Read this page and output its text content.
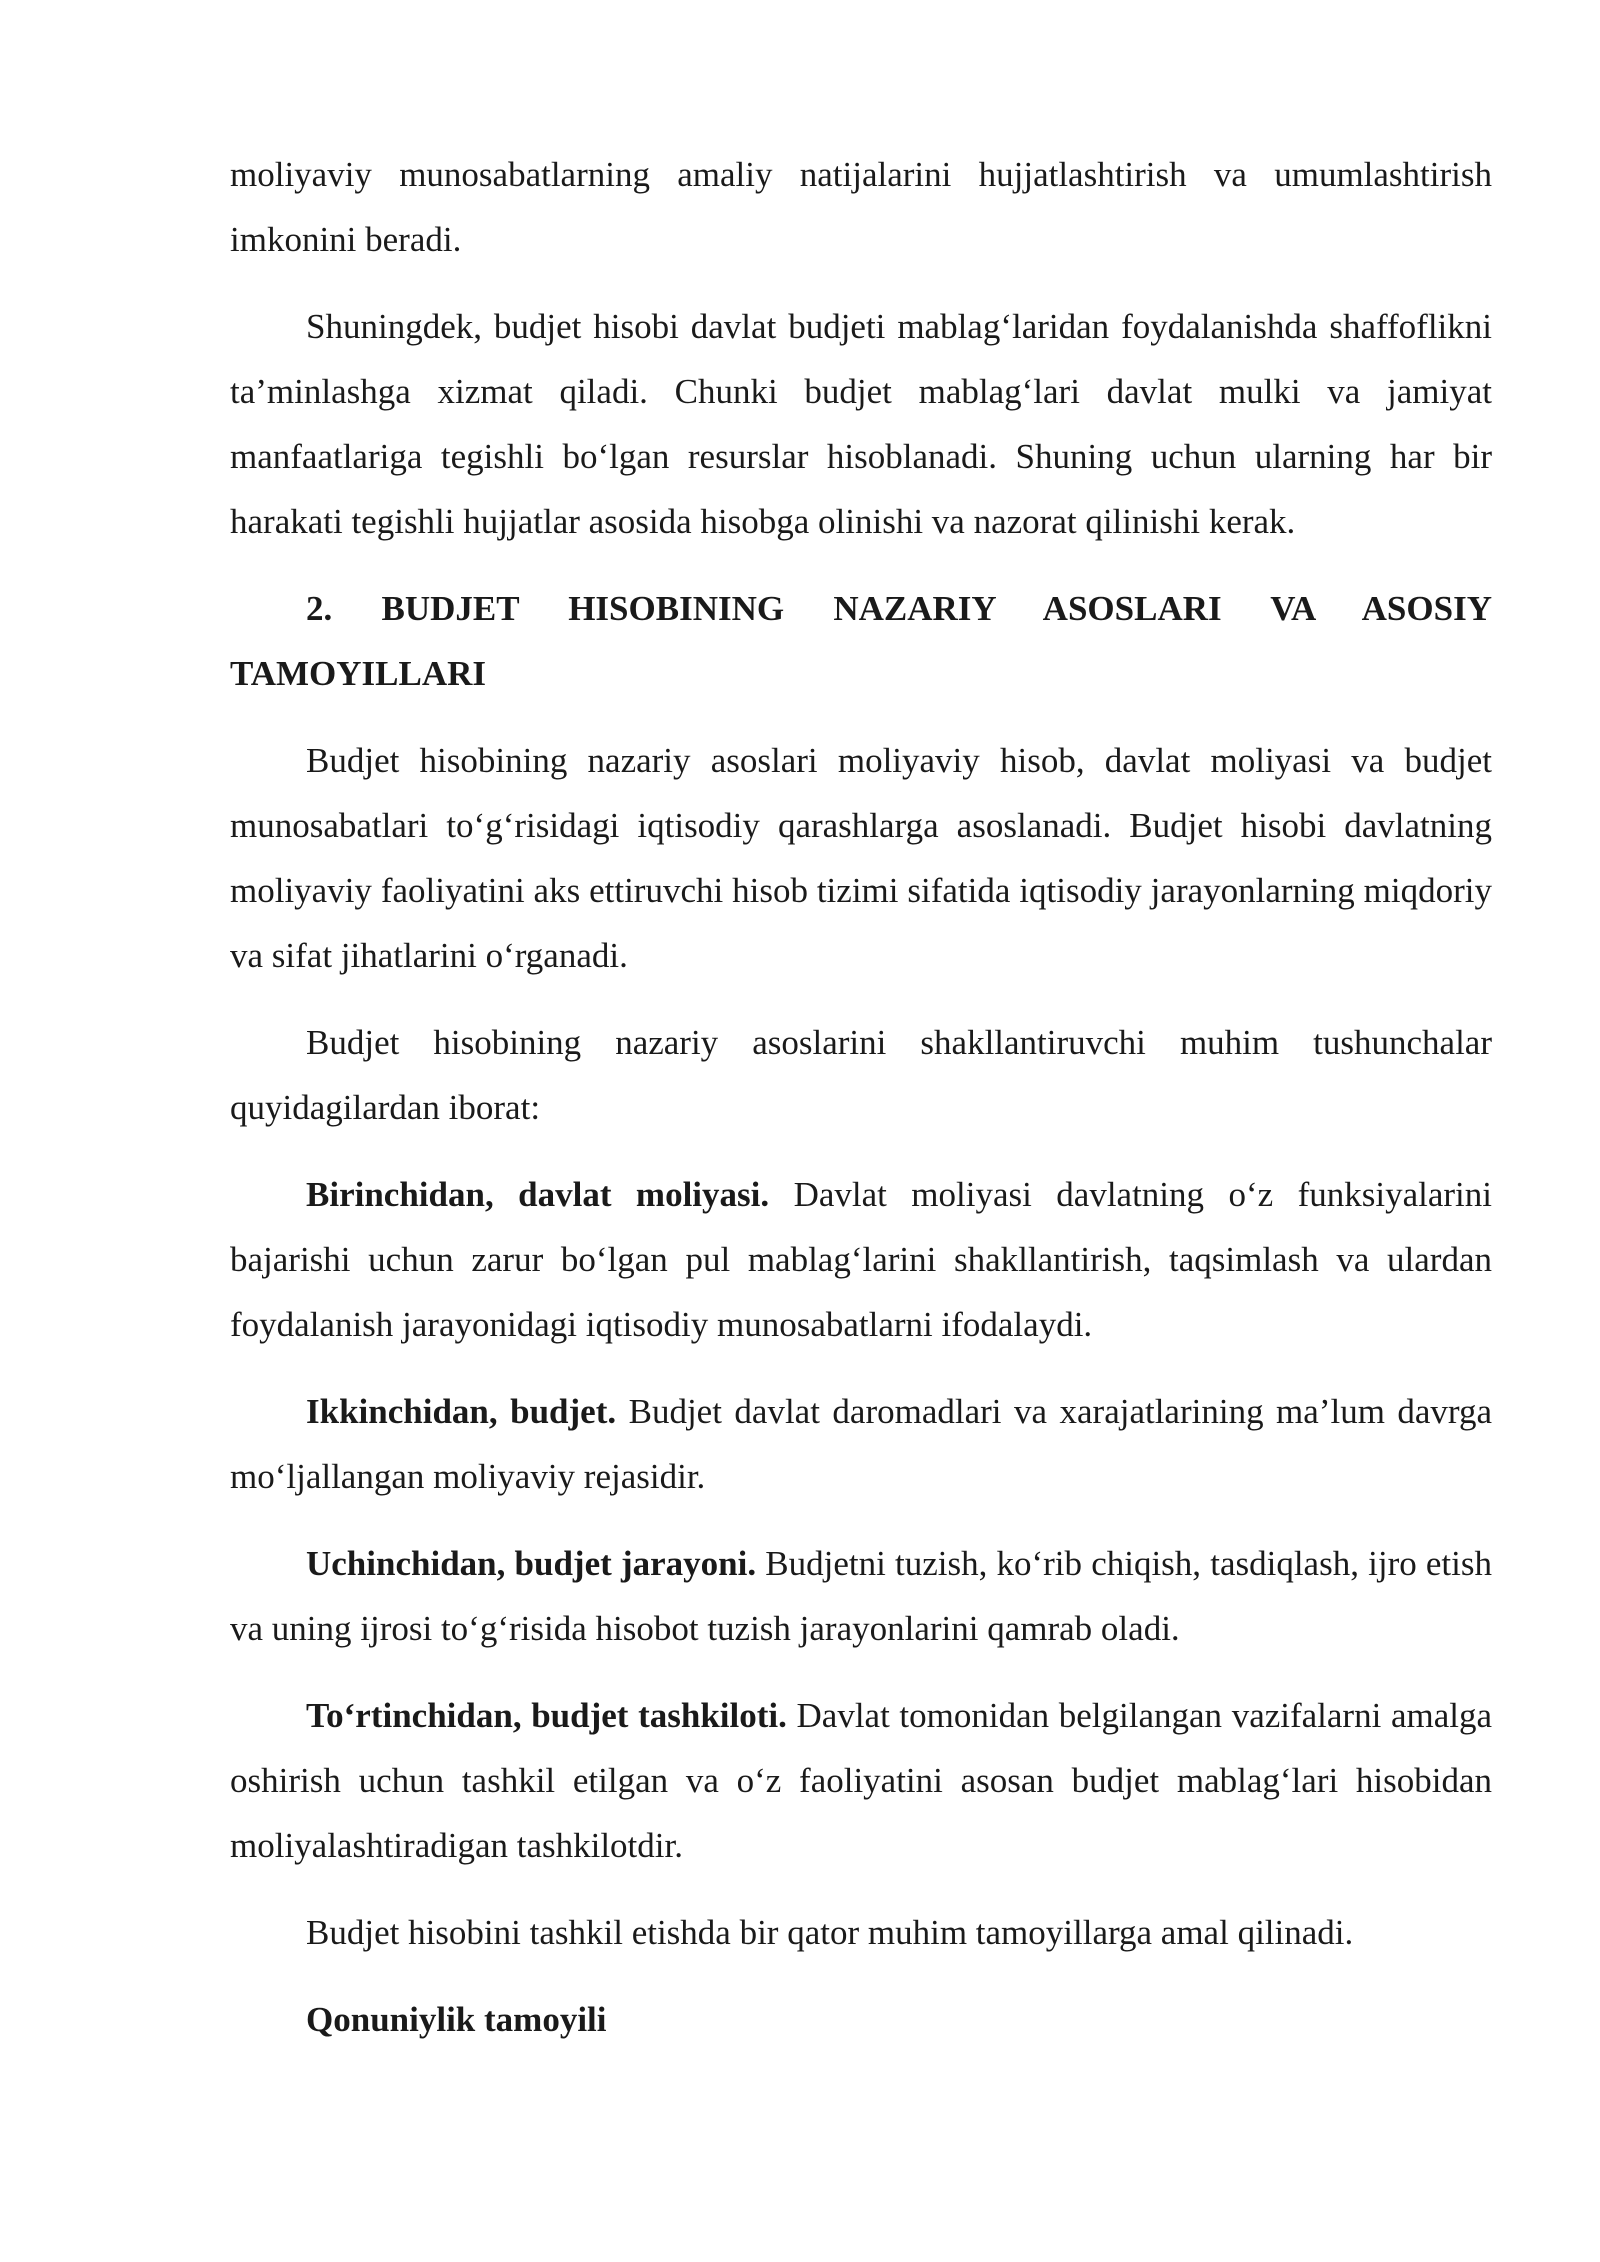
moliyaviy munosabatlarning amaliy natijalarini hujjatlashtirish va umumlashtirish imkonini beradi.

Shuningdek, budjet hisobi davlat budjeti mablag‘laridan foydalanishda shaffoflikni ta’minlashga xizmat qiladi. Chunki budjet mablag‘lari davlat mulki va jamiyat manfaatlariga tegishli bo‘lgan resurslar hisoblanadi. Shuning uchun ularning har bir harakati tegishli hujjatlar asosida hisobga olinishi va nazorat qilinishi kerak.

2. BUDJET HISOBINING NAZARIY ASOSLARI VA ASOSIY TAMOYILLARI

Budjet hisobining nazariy asoslari moliyaviy hisob, davlat moliyasi va budjet munosabatlari to‘g‘risidagi iqtisodiy qarashlarga asoslanadi. Budjet hisobi davlatning moliyaviy faoliyatini aks ettiruvchi hisob tizimi sifatida iqtisodiy jarayonlarning miqdoriy va sifat jihatlarini o‘rganadi.

Budjet hisobining nazariy asoslarini shakllantiruvchi muhim tushunchalar quyidagilardan iborat:

Birinchidan, davlat moliyasi. Davlat moliyasi davlatning o‘z funksiyalarini bajarishi uchun zarur bo‘lgan pul mablag‘larini shakllantirish, taqsimlash va ulardan foydalanish jarayonidagi iqtisodiy munosabatlarni ifodalaydi.

Ikkinchidan, budjet. Budjet davlat daromadlari va xarajatlarining ma’lum davrga mo‘ljallangan moliyaviy rejasidir.

Uchinchidan, budjet jarayoni. Budjetni tuzish, ko‘rib chiqish, tasdiqlash, ijro etish va uning ijrosi to‘g‘risida hisobot tuzish jarayonlarini qamrab oladi.

To‘rtinchidan, budjet tashkiloti. Davlat tomonidan belgilangan vazifalarni amalga oshirish uchun tashkil etilgan va o‘z faoliyatini asosan budjet mablag‘lari hisobidan moliyalashtiradigan tashkilotdir.

Budjet hisobini tashkil etishda bir qator muhim tamoyillarga amal qilinadi.

Qonuniylik tamoyili
